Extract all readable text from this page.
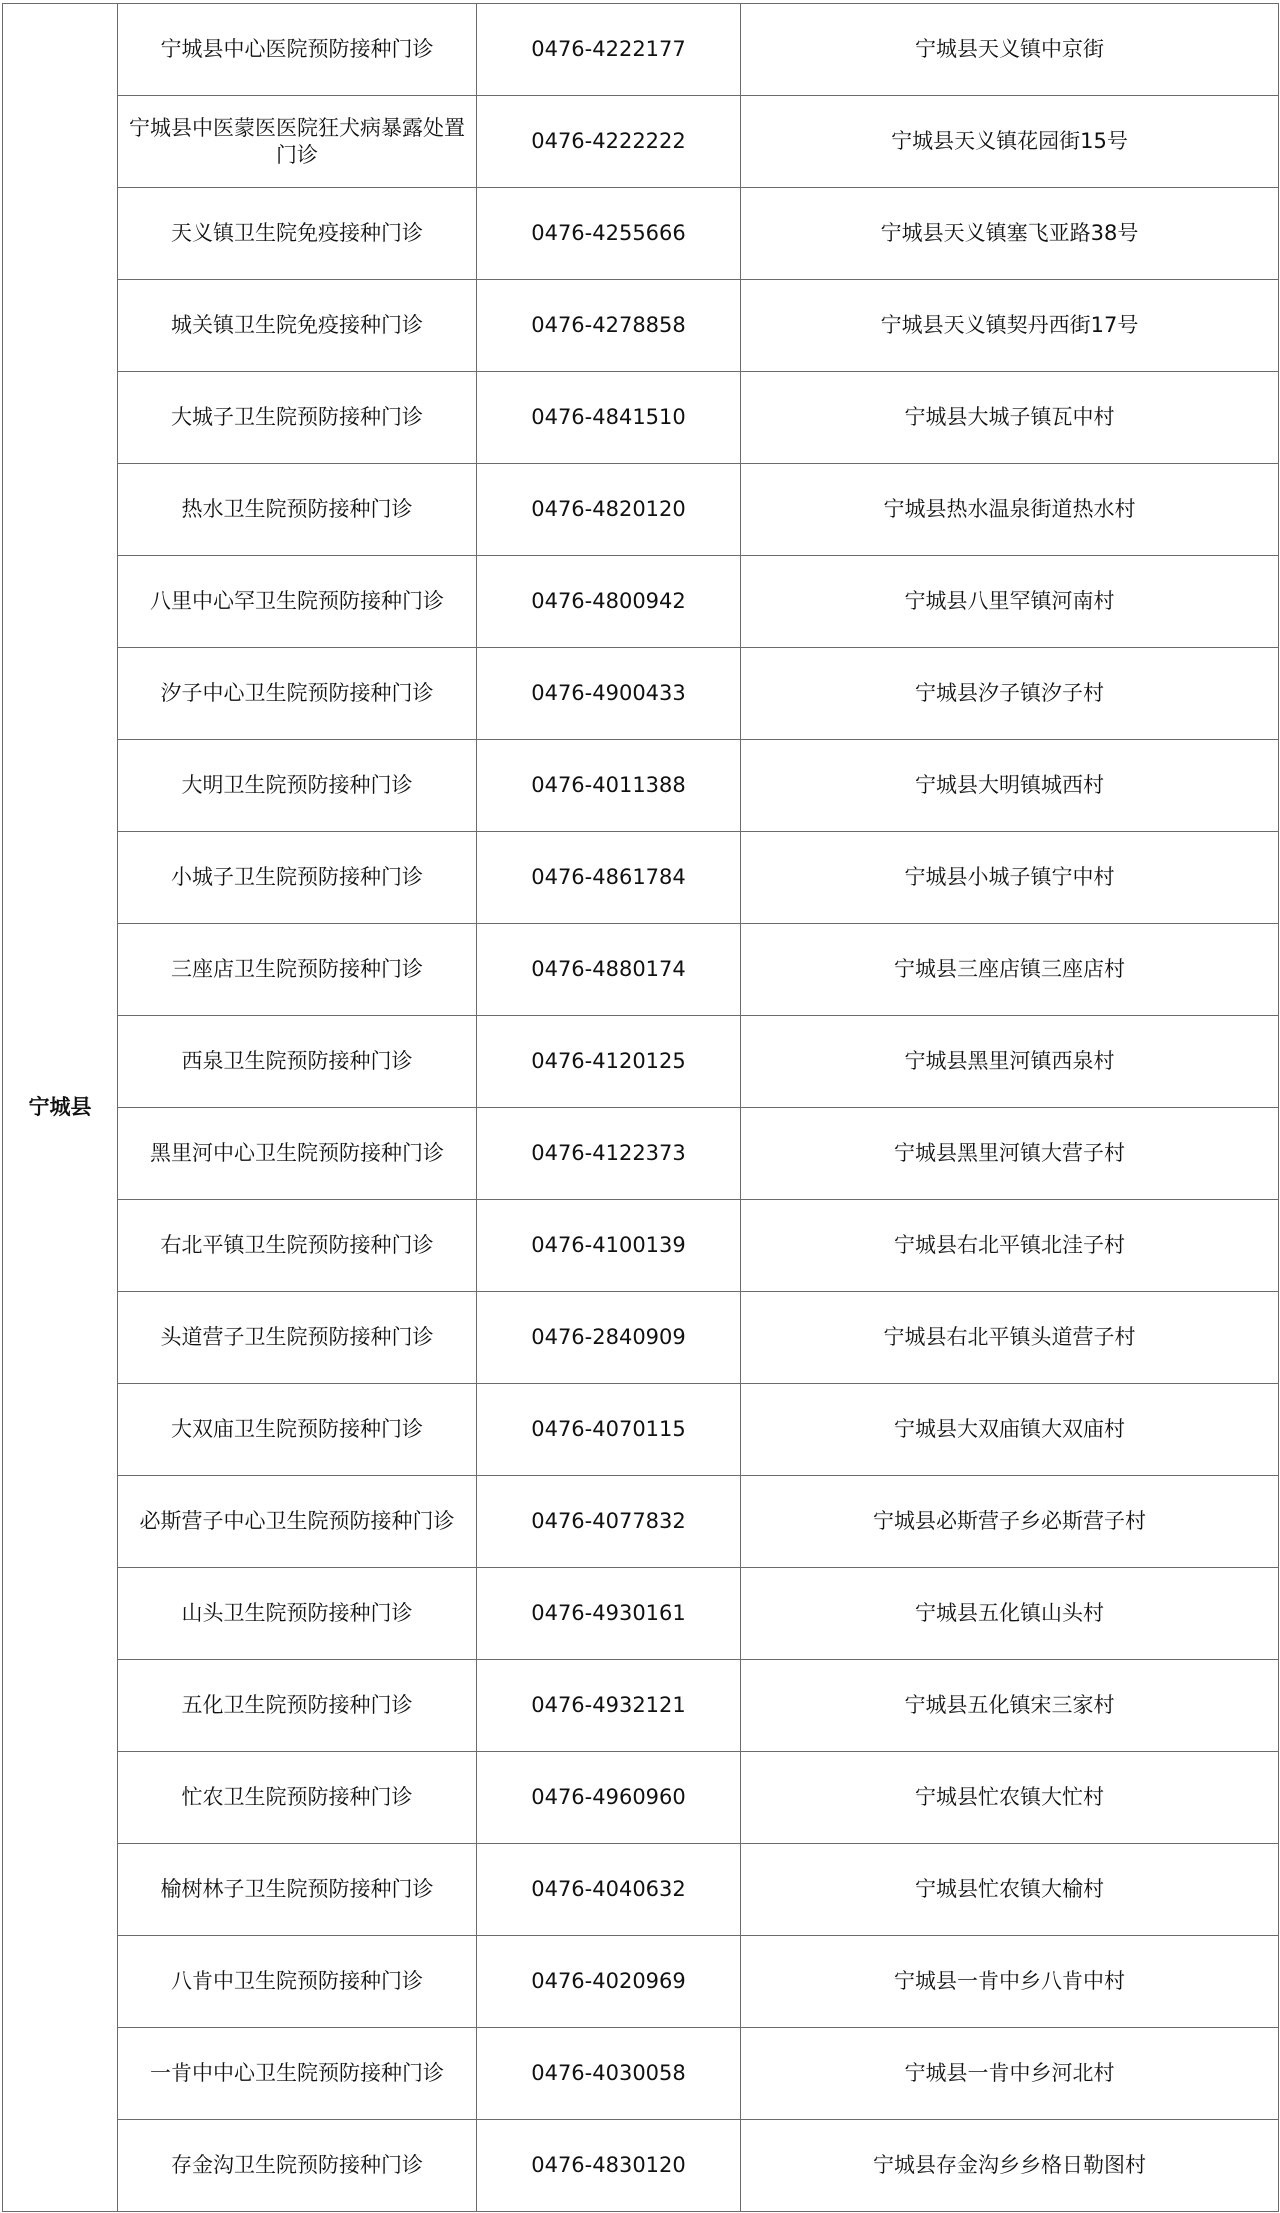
宁城县	宁城县中心医院预防接种门诊	0476-4222177	宁城县天义镇中京街
	宁城县中医蒙医医院狂犬病暴露处置门诊	0476-4222222	宁城县天义镇花园街15号
	天义镇卫生院免疫接种门诊	0476-4255666	宁城县天义镇塞飞亚路38号
	城关镇卫生院免疫接种门诊	0476-4278858	宁城县天义镇契丹西街17号
	大城子卫生院预防接种门诊	0476-4841510	宁城县大城子镇瓦中村
	热水卫生院预防接种门诊	0476-4820120	宁城县热水温泉街道热水村
	八里中心罕卫生院预防接种门诊	0476-4800942	宁城县八里罕镇河南村
	汐子中心卫生院预防接种门诊	0476-4900433	宁城县汐子镇汐子村
	大明卫生院预防接种门诊	0476-4011388	宁城县大明镇城西村
	小城子卫生院预防接种门诊	0476-4861784	宁城县小城子镇宁中村
	三座店卫生院预防接种门诊	0476-4880174	宁城县三座店镇三座店村
	西泉卫生院预防接种门诊	0476-4120125	宁城县黑里河镇西泉村
	黑里河中心卫生院预防接种门诊	0476-4122373	宁城县黑里河镇大营子村
	右北平镇卫生院预防接种门诊	0476-4100139	宁城县右北平镇北洼子村
	头道营子卫生院预防接种门诊	0476-2840909	宁城县右北平镇头道营子村
	大双庙卫生院预防接种门诊	0476-4070115	宁城县大双庙镇大双庙村
	必斯营子中心卫生院预防接种门诊	0476-4077832	宁城县必斯营子乡必斯营子村
	山头卫生院预防接种门诊	0476-4930161	宁城县五化镇山头村
	五化卫生院预防接种门诊	0476-4932121	宁城县五化镇宋三家村
	忙农卫生院预防接种门诊	0476-4960960	宁城县忙农镇大忙村
	榆树林子卫生院预防接种门诊	0476-4040632	宁城县忙农镇大榆村
	八肯中卫生院预防接种门诊	0476-4020969	宁城县一肯中乡八肯中村
	一肯中中心卫生院预防接种门诊	0476-4030058	宁城县一肯中乡河北村
	存金沟卫生院预防接种门诊	0476-4830120	宁城县存金沟乡乡格日勒图村
